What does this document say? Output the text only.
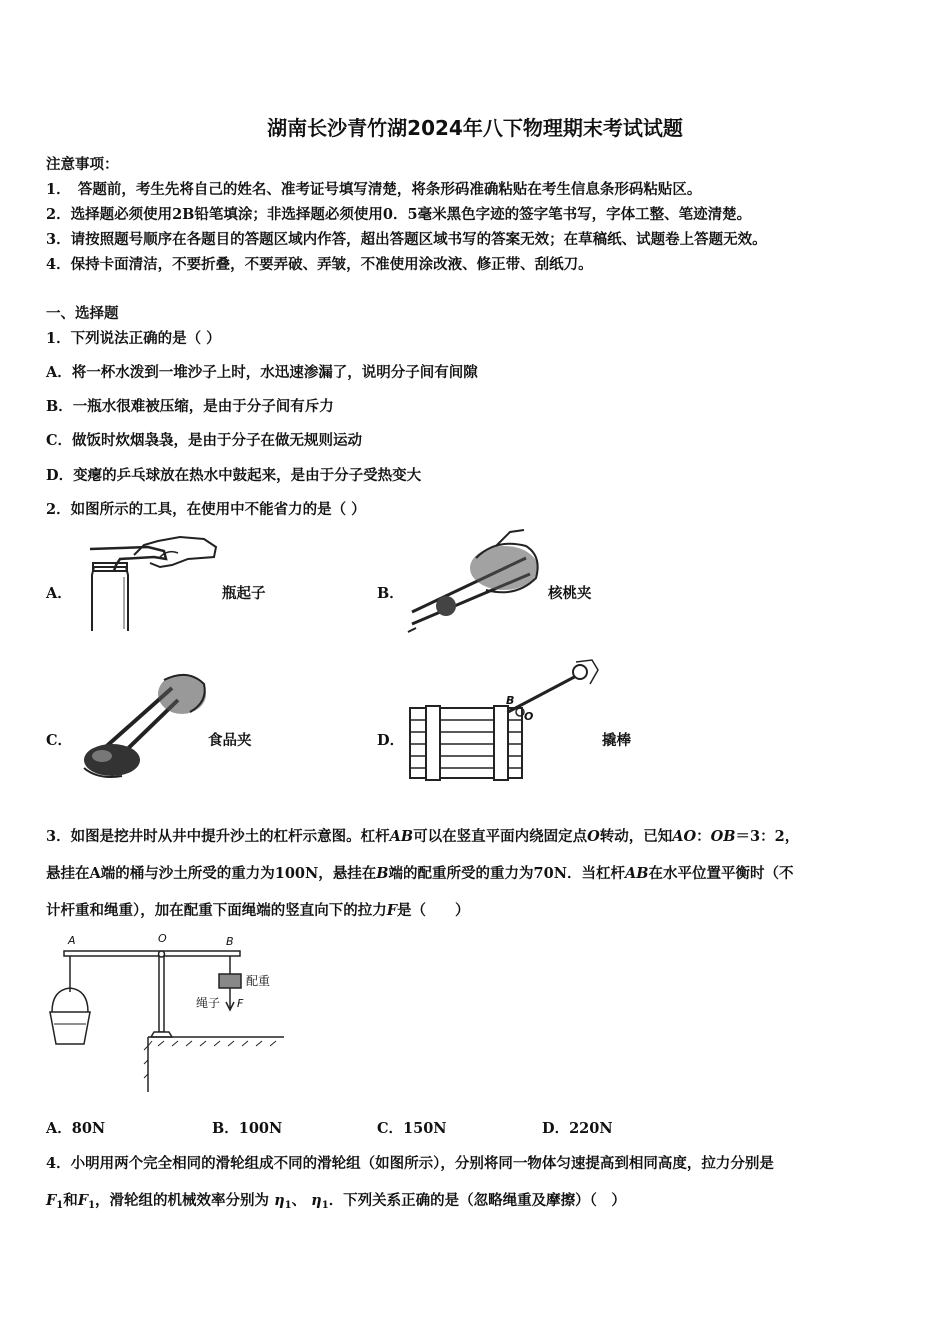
湖南长沙青竹湖2024年八下物理期末考试试题
注意事项：
1．　答题前，考生先将自己的姓名、准考证号填写清楚，将条形码准确粘贴在考生信息条形码粘贴区。
2．选择题必须使用2B铅笔填涂；非选择题必须使用0．5毫米黑色字迹的签字笔书写，字体工整、笔迹清楚。
3．请按照题号顺序在各题目的答题区域内作答，超出答题区域书写的答案无效；在草稿纸、试题卷上答题无效。
4．保持卡面清洁，不要折叠，不要弄破、弄皱，不准使用涂改液、修正带、刮纸刀。
一、选择题
1．下列说法正确的是（ ）
A．将一杯水泼到一堆沙子上时，水迅速渗漏了，说明分子间有间隙
B．一瓶水很难被压缩，是由于分子间有斥力
C．做饭时炊烟袅袅，是由于分子在做无规则运动
D．变瘪的乒乓球放在热水中鼓起来，是由于分子受热变大
2．如图所示的工具，在使用中不能省力的是（ ）
A．	瓶起子	B．	核桃夹
C．	食品夹	D．
B
O
撬棒
3．如图是挖井时从井中提升沙土的杠杆示意图。杠杆AB可以在竖直平面内绕固定点O转动，已知AO：OB＝3：2，
悬挂在A端的桶与沙土所受的重力为100N，悬挂在B端的配重所受的重力为70N．当杠杆AB在水平位置平衡时（不
计杆重和绳重），加在配重下面绳端的竖直向下的拉力F是（　　）
A	O	B
配重
绳子 F
A．80N	B．100N	C．150N	D．220N
4．小明用两个完全相同的滑轮组成不同的滑轮组（如图所示），分别将同一物体匀速提高到相同高度，拉力分别是
$F_1$和$F_1$，滑轮组的机械效率分别为 $\eta_1$、 $\eta_1$．下列关系正确的是（忽略绳重及摩擦）（　）
